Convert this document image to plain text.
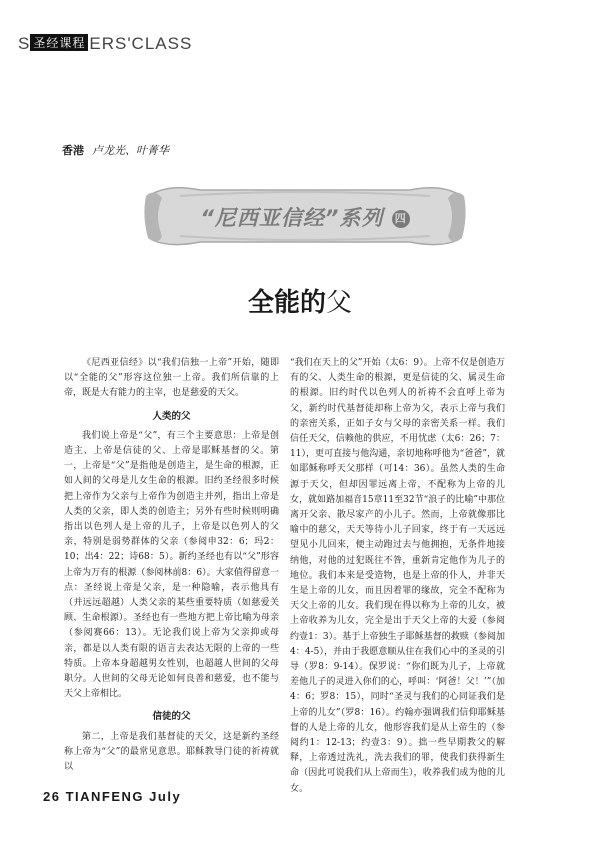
S 圣经课程 ERS'CLASS
香港 卢龙光、叶菁华
“尼西亚信经”系列 四
全能的父

《尼西亚信经》以“我们信独一上帝”开始，随即以“全能的父”形容这位独一上帝。我们所信靠的上帝，既是大有能力的主宰，也是慈爱的天父。

人类的父

我们说上帝是“父”，有三个主要意思：上帝是创造主、上帝是信徒的父、上帝是耶稣基督的父。第一，上帝是“父”是指他是创造主，是生命的根源，正如人间的父母是儿女生命的根源。旧约圣经很多时候把上帝作为父亲与上帝作为创造主并列，指出上帝是人类的父亲，即人类的创造主；另外有些时候则明确指出以色列人是上帝的儿子，上帝是以色列人的父亲，特别是弱势群体的父亲（参阅申32：6；玛2：10；出4：22；诗68：5）。新约圣经也有以“父”形容上帝为万有的根源（参阅林前8：6）。大家值得留意一点：圣经说上帝是父亲，是一种隐喻，表示他具有（并远远超越）人类父亲的某些重要特质（如慈爱关顾、生命根源）。圣经也有一些地方把上帝比喻为母亲（参阅赛66：13）。无论我们说上帝为父亲抑或母亲，都是以人类有限的语言去表达无限的上帝的一些特质。上帝本身超越男女性别，也超越人世间的父母职分。人世间的父母无论如何良善和慈爱，也不能与天父上帝相比。

信徒的父

第二，上帝是我们基督徒的天父，这是新约圣经称上帝为“父”的最常见意思。耶稣教导门徒的祈祷就以

“我们在天上的父”开始（太6：9）。上帝不仅是创造万有的父、人类生命的根源，更是信徒的父、属灵生命的根源。旧约时代以色列人的祈祷不会直呼上帝为父，新约时代基督徒却称上帝为父，表示上帝与我们的亲密关系，正如子女与父母的亲密关系一样。我们信任天父，信赖他的供应，不用忧虑（太6：26；7：11），更可直接与他沟通，亲切地称呼他为“爸爸”，就如耶稣称呼天父那样（可14：36）。虽然人类的生命源于天父，但却因罪远离上帝，不配称为上帝的儿女，就如路加福音15章11至32节“浪子的比喻”中那位离开父亲、散尽家产的小儿子。然而，上帝就像那比喻中的慈父，天天等待小儿子回家，终于有一天远远望见小儿回来，便主动跑过去与他拥抱，无条件地接纳他，对他的过犯既往不咎，重新肯定他作为儿子的地位。我们本来是受造物，也是上帝的仆人，并非天生是上帝的儿女，而且因着罪的缘故，完全不配称为天父上帝的儿女。我们现在得以称为上帝的儿女，被上帝收养为儿女，完全是出于天父上帝的大爱（参阅约壹1：3）。基于上帝独生子耶稣基督的救赎（参阅加4：4-5），并由于我愿意顺从住在我们心中的圣灵的引导（罗8：9-14）。保罗说：“你们既为儿子，上帝就差他儿子的灵进入你们的心，呼叫：‘阿爸！父！’”（加4：6；罗8：15），同时“圣灵与我们的心同证我们是上帝的儿女”（罗8：16）。约翰亦强调我们信仰耶稣基督的人是上帝的儿女，他形容我们是从上帝生的（参阅约1：12-13；约壹3：9）。拙一些早期教父的解释，上帝透过洗礼，洗去我们的罪，使我们获得新生命（因此可说我们从上帝而生），收养我们成为他的儿女。

26 TIANFENG July
